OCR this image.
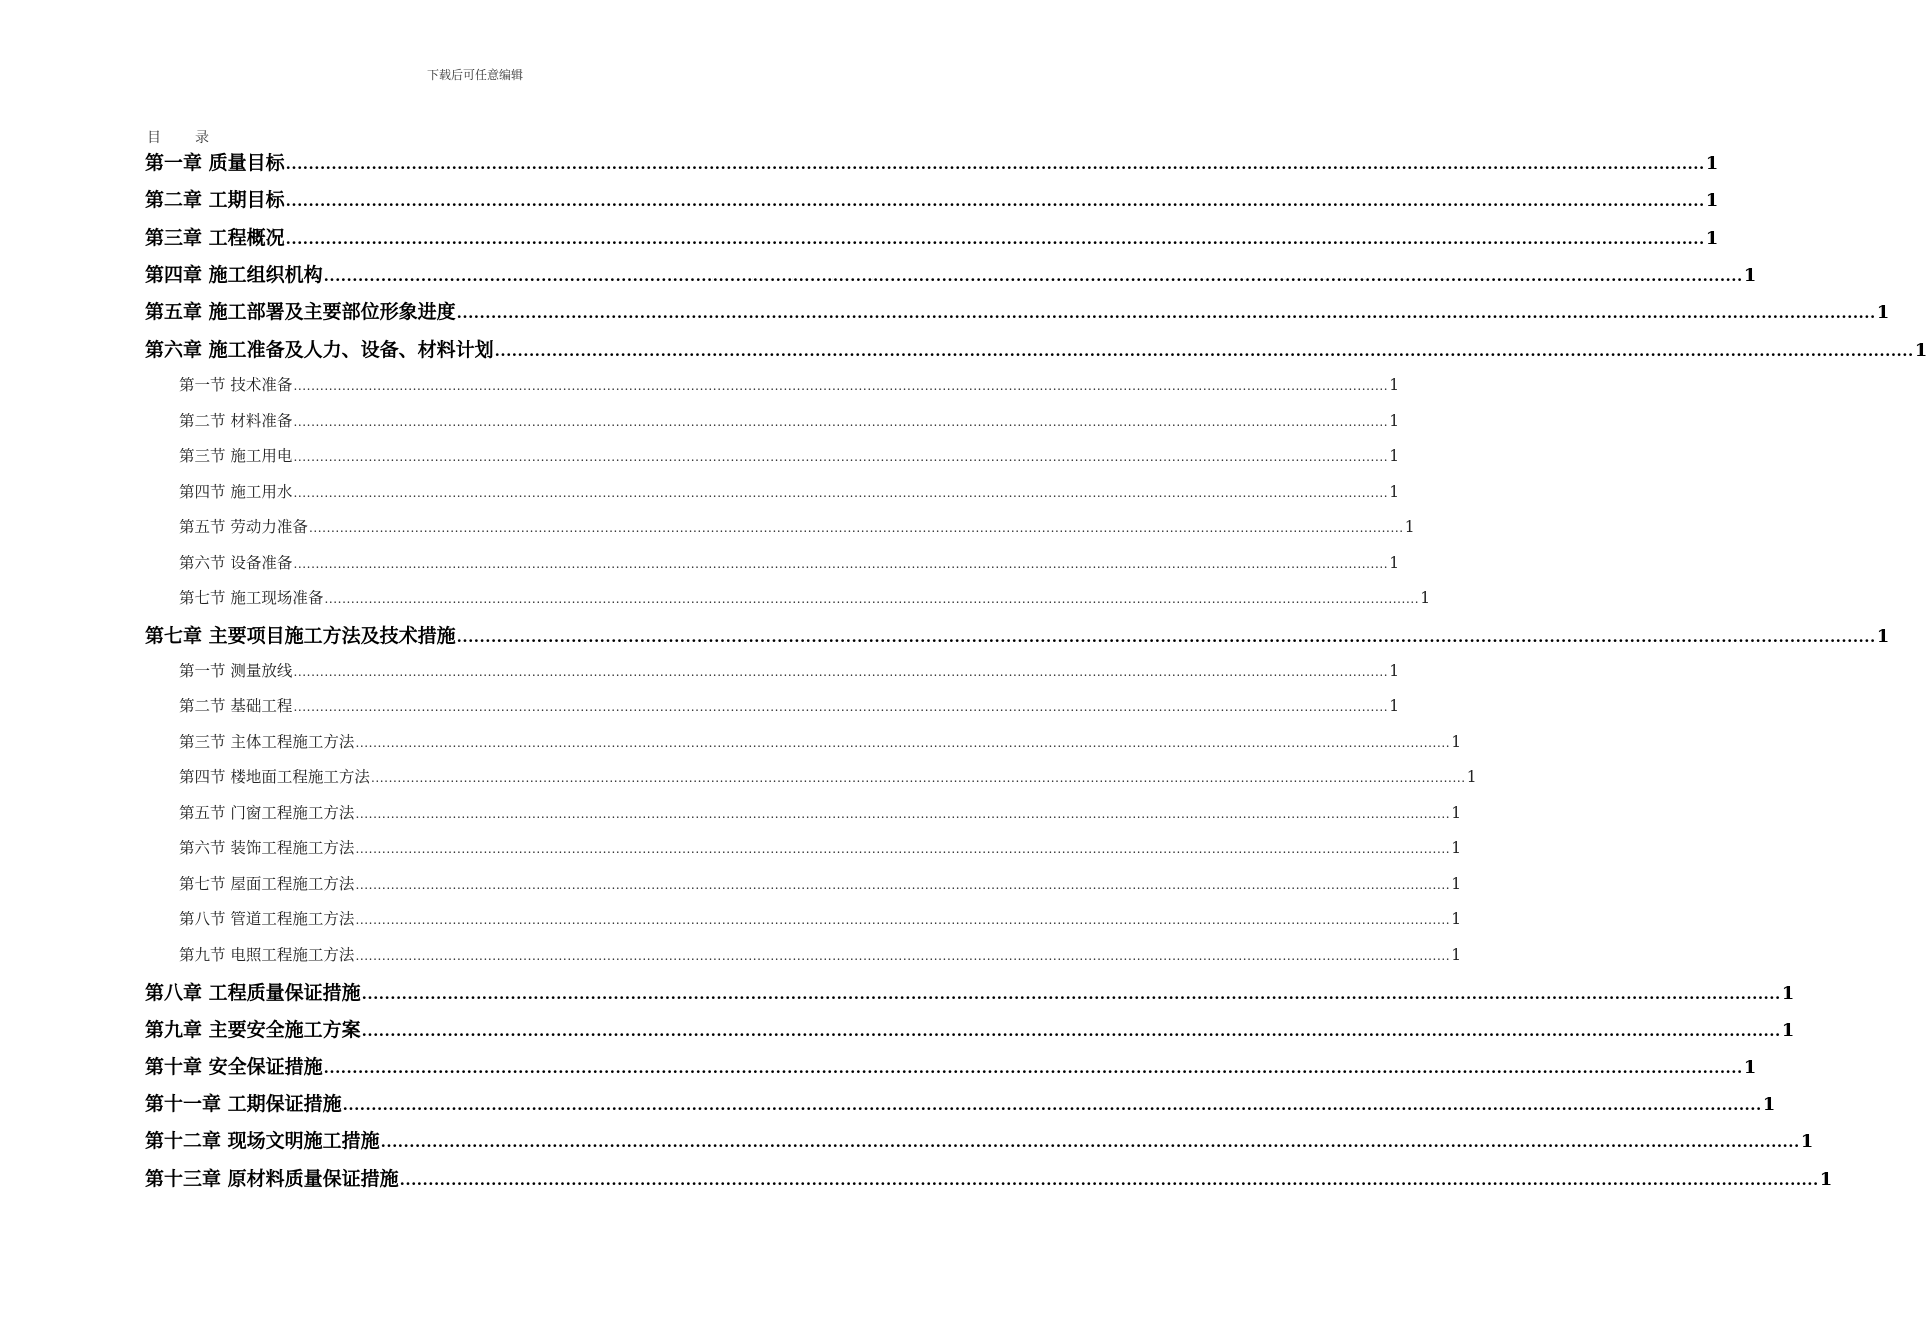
下载后可任意编辑
目　录
第一章 质量目标 ........................................................................................................................................................................................................................................................ 1
第二章 工期目标 ........................................................................................................................................................................................................................................................ 1
第三章 工程概况 ........................................................................................................................................................................................................................................................ 1
第四章 施工组织机构 ........................................................................................................................................................................................................................................................ 1
第五章 施工部署及主要部位形象进度 ........................................................................................................................................................................................................................................................ 1
第六章 施工准备及人力、设备、材料计划 ........................................................................................................................................................................................................................................................ 1
第一节 技术准备 ........................................................................................................................................................................................................................................................ 1
第二节 材料准备 ........................................................................................................................................................................................................................................................ 1
第三节 施工用电 ........................................................................................................................................................................................................................................................ 1
第四节 施工用水 ........................................................................................................................................................................................................................................................ 1
第五节 劳动力准备 ........................................................................................................................................................................................................................................................ 1
第六节 设备准备 ........................................................................................................................................................................................................................................................ 1
第七节 施工现场准备 ........................................................................................................................................................................................................................................................ 1
第七章 主要项目施工方法及技术措施 ........................................................................................................................................................................................................................................................ 1
第一节 测量放线 ........................................................................................................................................................................................................................................................ 1
第二节 基础工程 ........................................................................................................................................................................................................................................................ 1
第三节 主体工程施工方法 ........................................................................................................................................................................................................................................................ 1
第四节 楼地面工程施工方法 ........................................................................................................................................................................................................................................................ 1
第五节 门窗工程施工方法 ........................................................................................................................................................................................................................................................ 1
第六节 装饰工程施工方法 ........................................................................................................................................................................................................................................................ 1
第七节 屋面工程施工方法 ........................................................................................................................................................................................................................................................ 1
第八节 管道工程施工方法 ........................................................................................................................................................................................................................................................ 1
第九节 电照工程施工方法 ........................................................................................................................................................................................................................................................ 1
第八章 工程质量保证措施 ........................................................................................................................................................................................................................................................ 1
第九章 主要安全施工方案 ........................................................................................................................................................................................................................................................ 1
第十章 安全保证措施 ........................................................................................................................................................................................................................................................ 1
第十一章 工期保证措施 ........................................................................................................................................................................................................................................................ 1
第十二章 现场文明施工措施 ........................................................................................................................................................................................................................................................ 1
第十三章 原材料质量保证措施 ........................................................................................................................................................................................................................................................ 1
